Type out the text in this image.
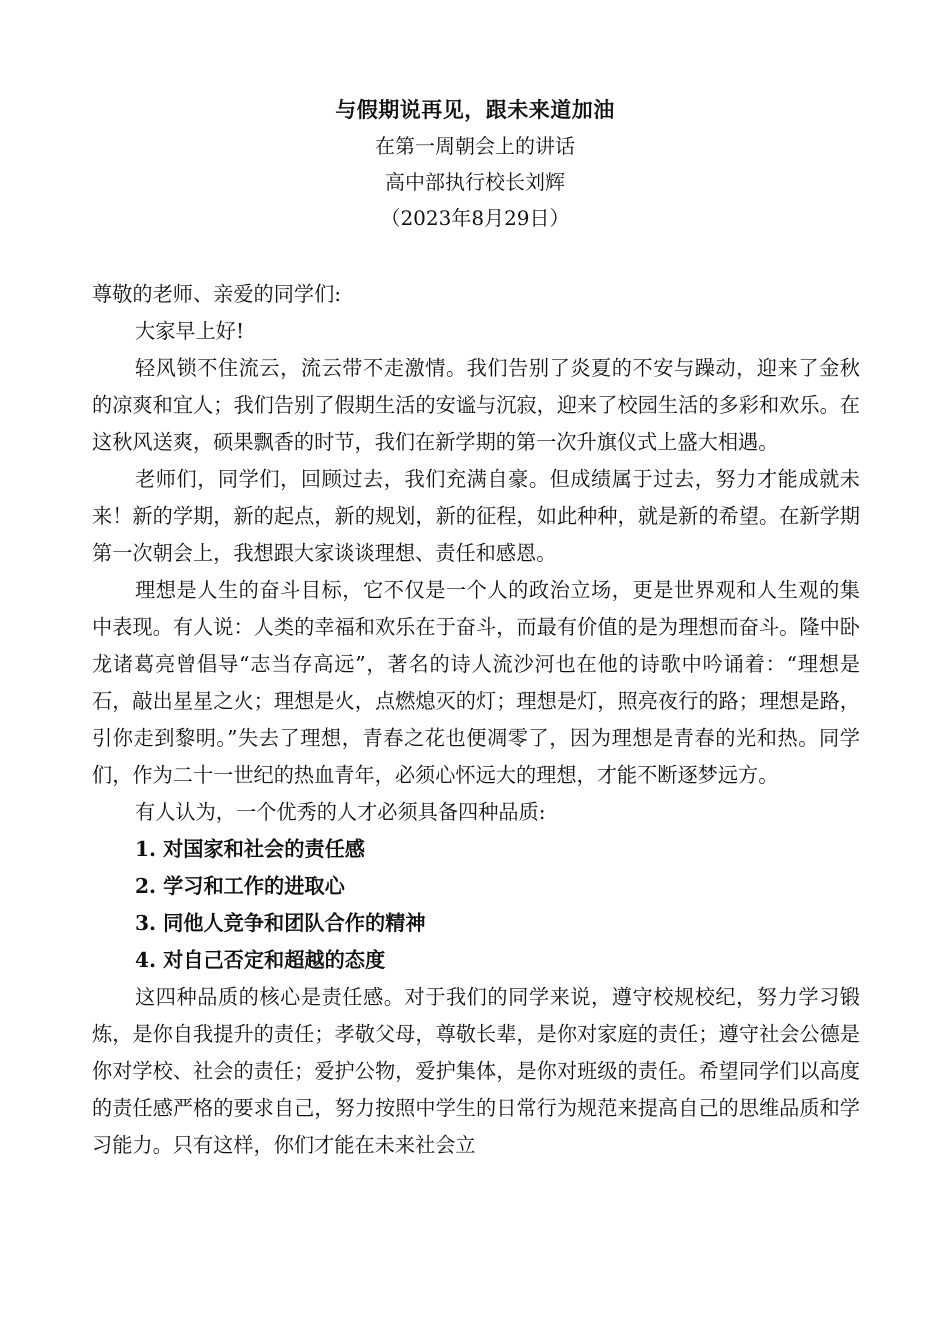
与假期说再见，跟未来道加油
在第一周朝会上的讲话
高中部执行校长刘辉
（2023年8月29日）

尊敬的老师、亲爱的同学们:

大家早上好!

轻风锁不住流云，流云带不走激情。我们告别了炎夏的不安与躁动，迎来了金秋的凉爽和宜人；我们告别了假期生活的安谧与沉寂，迎来了校园生活的多彩和欢乐。在这秋风送爽，硕果飘香的时节，我们在新学期的第一次升旗仪式上盛大相遇。

老师们，同学们，回顾过去，我们充满自豪。但成绩属于过去，努力才能成就未来！新的学期，新的起点，新的规划，新的征程，如此种种，就是新的希望。在新学期第一次朝会上，我想跟大家谈谈理想、责任和感恩。

理想是人生的奋斗目标，它不仅是一个人的政治立场，更是世界观和人生观的集中表现。有人说：人类的幸福和欢乐在于奋斗，而最有价值的是为理想而奋斗。隆中卧龙诸葛亮曾倡导“志当存高远”，著名的诗人流沙河也在他的诗歌中吟诵着：“理想是石，敲出星星之火；理想是火，点燃熄灭的灯；理想是灯，照亮夜行的路；理想是路，引你走到黎明。”失去了理想，青春之花也便凋零了，因为理想是青春的光和热。同学们，作为二十一世纪的热血青年，必须心怀远大的理想，才能不断逐梦远方。

有人认为，一个优秀的人才必须具备四种品质:

1. 对国家和社会的责任感

2. 学习和工作的进取心

3. 同他人竞争和团队合作的精神

4. 对自己否定和超越的态度

这四种品质的核心是责任感。对于我们的同学来说，遵守校规校纪，努力学习锻炼，是你自我提升的责任；孝敬父母，尊敬长辈，是你对家庭的责任；遵守社会公德是你对学校、社会的责任；爱护公物，爱护集体，是你对班级的责任。希望同学们以高度的责任感严格的要求自己，努力按照中学生的日常行为规范来提高自己的思维品质和学习能力。只有这样，你们才能在未来社会立
